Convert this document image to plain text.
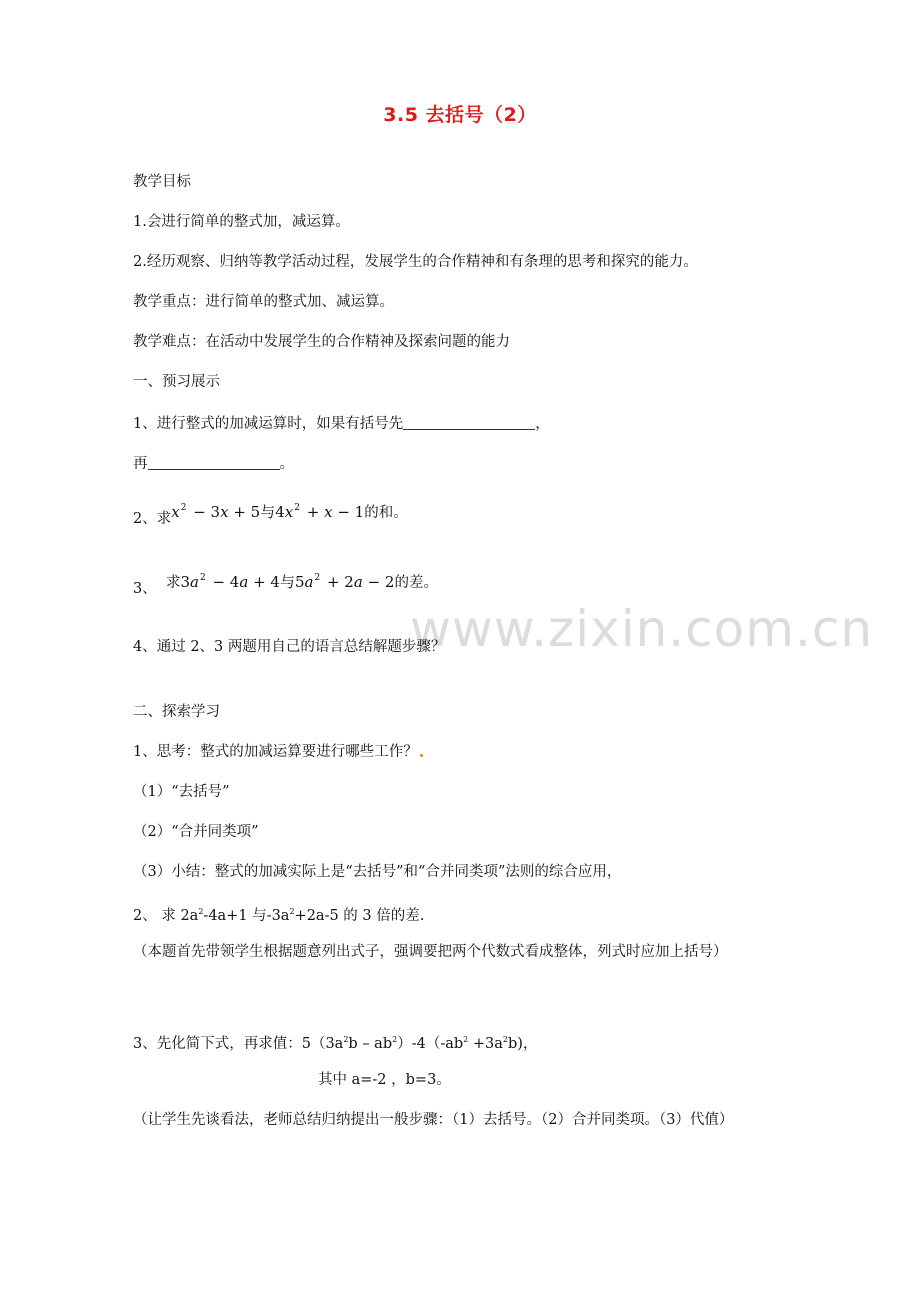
www.zixin.com.cn
3.5 去括号（2）
教学目标
1.会进行简单的整式加，减运算。
2.经历观察、归纳等教学活动过程，发展学生的合作精神和有条理的思考和探究的能力。
教学重点：进行简单的整式加、减运算。
教学难点：在活动中发展学生的合作精神及探索问题的能力
一、预习展示
1、进行整式的加减运算时，如果有括号先	，
再	。
2、求$x^2 - 3x + 5$与$4x^2 + x - 1$的和。
3、 求$3a^2 - 4a + 4$与$5a^2 + 2a - 2$的差。
4、通过 2、3 两题用自己的语言总结解题步骤？
二、探索学习
1、思考：整式的加减运算要进行哪些工作？
（1）“去括号”
（2）“合并同类项”
（3）小结：整式的加减实际上是“去括号”和“合并同类项”法则的综合应用，
2、 求 $2a^2-4a+1$ 与$-3a^2+2a-5$ 的 3 倍的差.
（本题首先带领学生根据题意列出式子，强调要把两个代数式看成整体，列式时应加上括号）
3、先化简下式，再求值：$5(3a^2b - ab^2)-4(-ab^2 +3a^2b)$，
其中 a=-2 ，b=3。
（让学生先谈看法，老师总结归纳提出一般步骤：（1）去括号。（2）合并同类项。（3）代值）
